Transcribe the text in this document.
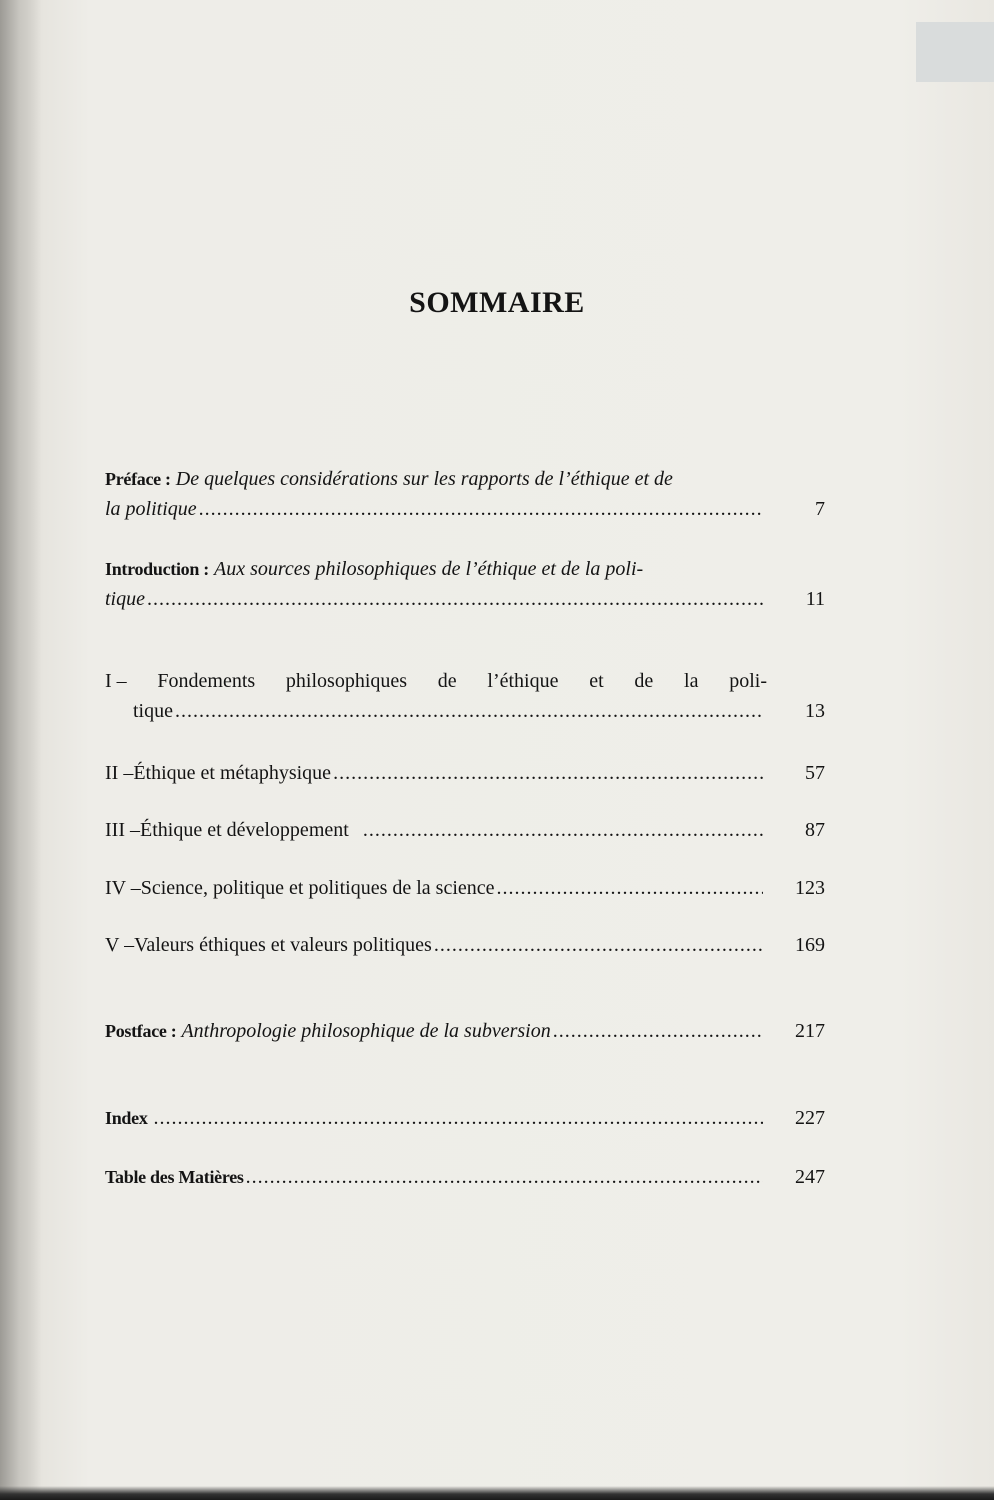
SOMMAIRE
Préface :
De quelques considérations sur les rapports de l’éthique et de
la politique .....	7
Introduction :
Aux sources philosophiques de l’éthique et de la poli-
tique .....	11
I – Fondements philosophiques de l’éthique et de la poli-
tique .....	13
II – Éthique et métaphysique .....	57
III – Éthique et développement .....	87
IV – Science, politique et politiques de la science .....	123
V – Valeurs éthiques et valeurs politiques .....	169
Postface :
Anthropologie philosophique de la subversion .....	217
Index .....	227
Table des Matières .....	247
